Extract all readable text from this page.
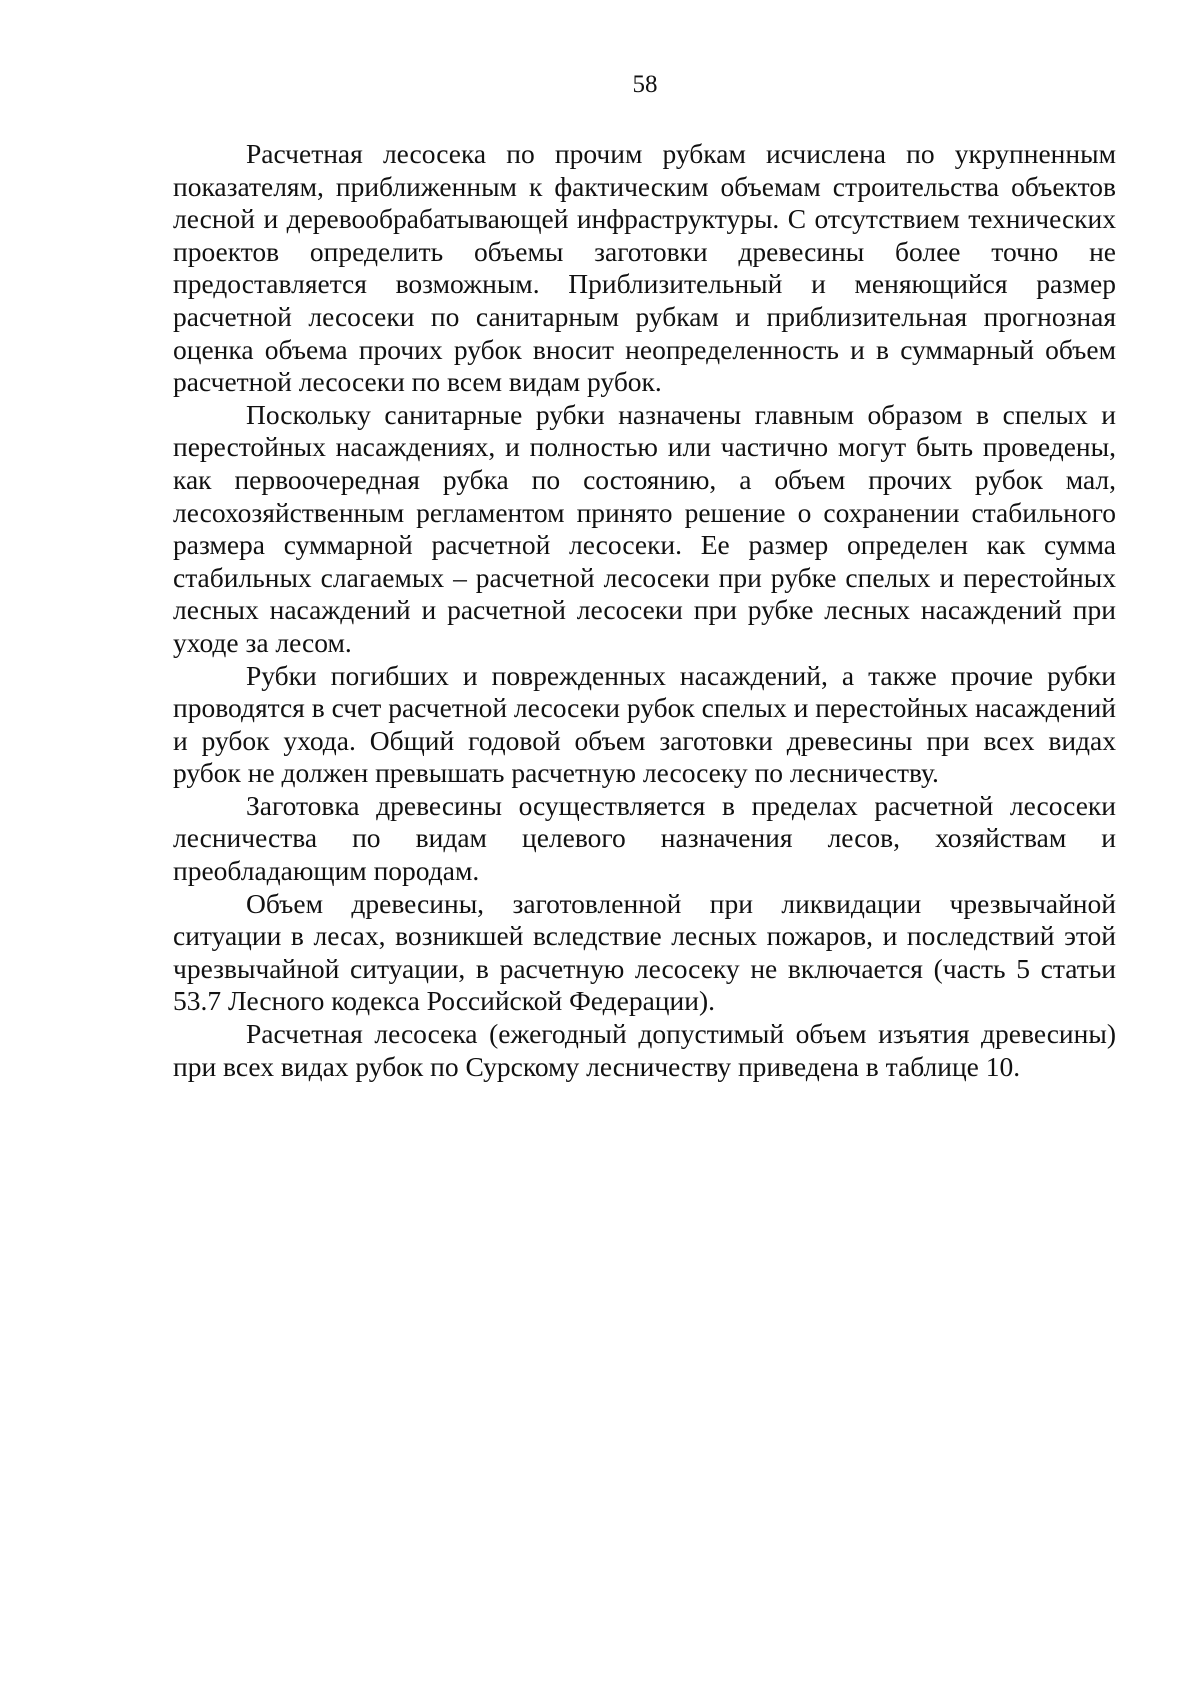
58

Расчетная лесосека по прочим рубкам исчислена по укрупненным показателям, приближенным к фактическим объемам строительства объектов лесной и деревообрабатывающей инфраструктуры. С отсутствием технических проектов определить объемы заготовки древесины более точно не предоставляется возможным. Приблизительный и меняющийся размер расчетной лесосеки по санитарным рубкам и приблизительная прогнозная оценка объема прочих рубок вносит неопределенность и в суммарный объем расчетной лесосеки по всем видам рубок.

Поскольку санитарные рубки назначены главным образом в спелых и перестойных насаждениях, и полностью или частично могут быть проведены, как первоочередная рубка по состоянию, а объем прочих рубок мал, лесохозяйственным регламентом принято решение о сохранении стабильного размера суммарной расчетной лесосеки. Ее размер определен как сумма стабильных слагаемых – расчетной лесосеки при рубке спелых и перестойных лесных насаждений и расчетной лесосеки при рубке лесных насаждений при уходе за лесом.

Рубки погибших и поврежденных насаждений, а также прочие рубки проводятся в счет расчетной лесосеки рубок спелых и перестойных насаждений и рубок ухода. Общий годовой объем заготовки древесины при всех видах рубок не должен превышать расчетную лесосеку по лесничеству.

Заготовка древесины осуществляется в пределах расчетной лесосеки лесничества по видам целевого назначения лесов, хозяйствам и преобладающим породам.

Объем древесины, заготовленной при ликвидации чрезвычайной ситуации в лесах, возникшей вследствие лесных пожаров, и последствий этой чрезвычайной ситуации, в расчетную лесосеку не включается (часть 5 статьи 53.7 Лесного кодекса Российской Федерации).

Расчетная лесосека (ежегодный допустимый объем изъятия древесины) при всех видах рубок по Сурскому лесничеству приведена в таблице 10.
